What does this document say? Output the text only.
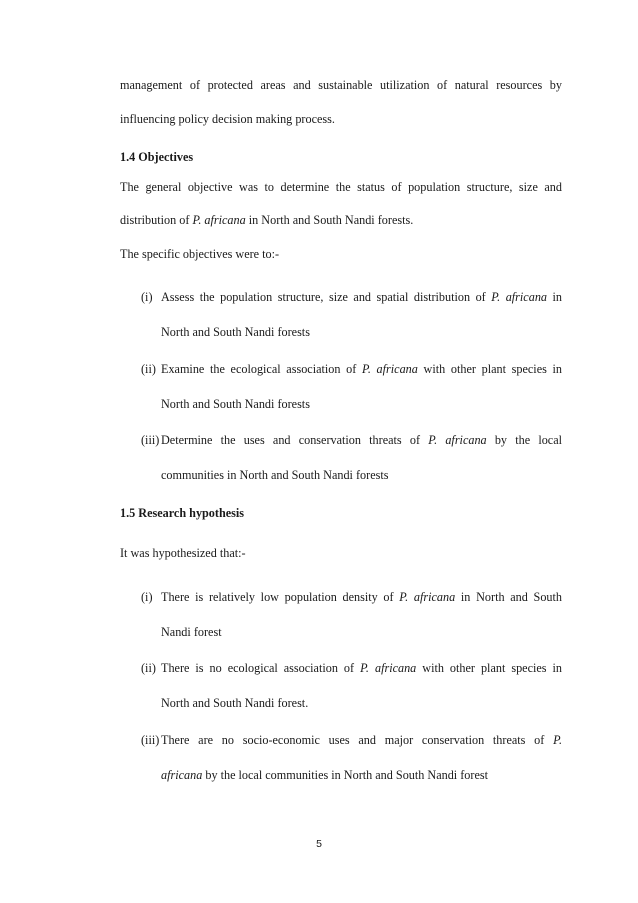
management of protected areas and sustainable utilization of natural resources by

influencing policy decision making process.

1.4 Objectives

The general objective was to determine the status of population structure, size and

distribution of P. africana in North and South Nandi forests.

The specific objectives were to:-

(i) Assess the population structure, size and spatial distribution of P. africana in
North and South Nandi forests
(ii) Examine the ecological association of P. africana with other plant species in
North and South Nandi forests
(iii) Determine the uses and conservation threats of P. africana by the local
communities in North and South Nandi forests

1.5 Research hypothesis

It was hypothesized that:-

(i) There is relatively low population density of P. africana in North and South
Nandi forest
(ii) There is no ecological association of P. africana with other plant species in
North and South Nandi forest.
(iii) There are no socio-economic uses and major conservation threats of P.
africana by the local communities in North and South Nandi forest
5
